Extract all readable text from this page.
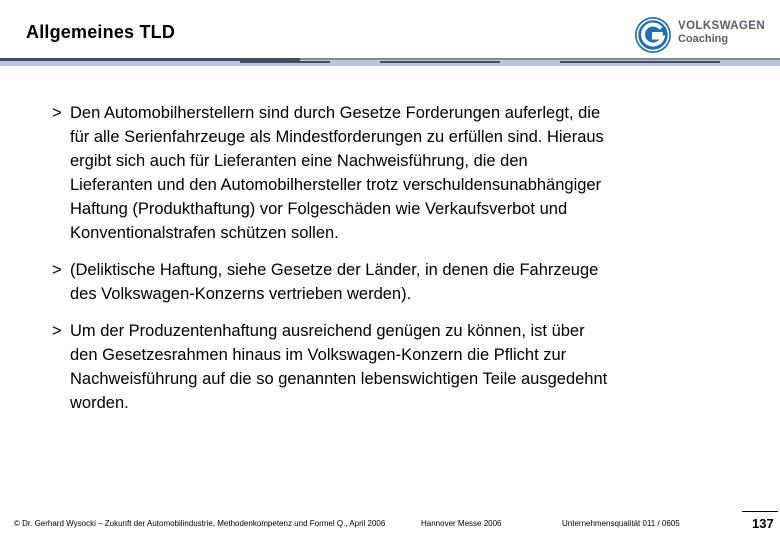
Allgemeines TLD	VOLKSWAGEN
Coaching
> Den Automobilherstellern sind durch Gesetze Forderungen auferlegt, die
für alle Serienfahrzeuge als Mindestforderungen zu erfüllen sind. Hieraus
ergibt sich auch für Lieferanten eine Nachweisführung, die den
Lieferanten und den Automobilhersteller trotz verschuldensunabhängiger
Haftung (Produkthaftung) vor Folgeschäden wie Verkaufsverbot und
Konventionalstrafen schützen sollen.
> (Deliktische Haftung, siehe Gesetze der Länder, in denen die Fahrzeuge
des Volkswagen-Konzerns vertrieben werden).
> Um der Produzentenhaftung ausreichend genügen zu können, ist über
den Gesetzesrahmen hinaus im Volkswagen-Konzern die Pflicht zur
Nachweisführung auf die so genannten lebenswichtigen Teile ausgedehnt
worden.
© Dr. Gerhard Wysocki – Zukunft der Automobilindustrie, Methodenkompetenz und Formel Q., April 2006	Hannover Messe 2006	Unternehmensqualität 011 / 0605	137
